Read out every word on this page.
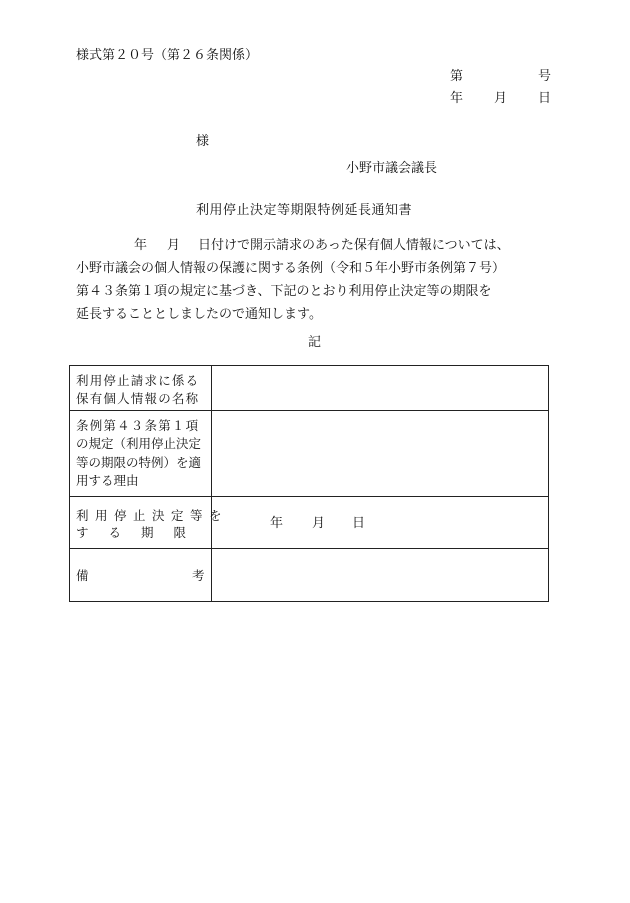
様式第２０号（第２６条関係）
第	号
年 月 日
様
小野市議会議長
利用停止決定等期限特例延長通知書
年 月 日付けで開示請求のあった保有個人情報については、
小野市議会の個人情報の保護に関する条例（令和５年小野市条例第７号）
第４３条第１項の規定に基づき、下記のとおり利用停止決定等の期限を
延長することとしましたので通知します。
記
利用停止請求に係る
保有個人情報の名称
条例第４３条第１項
の規定（利用停止決定
等の期限の特例）を適
用する理由
利用停止決定等を
する期限
年 月 日
備	考
